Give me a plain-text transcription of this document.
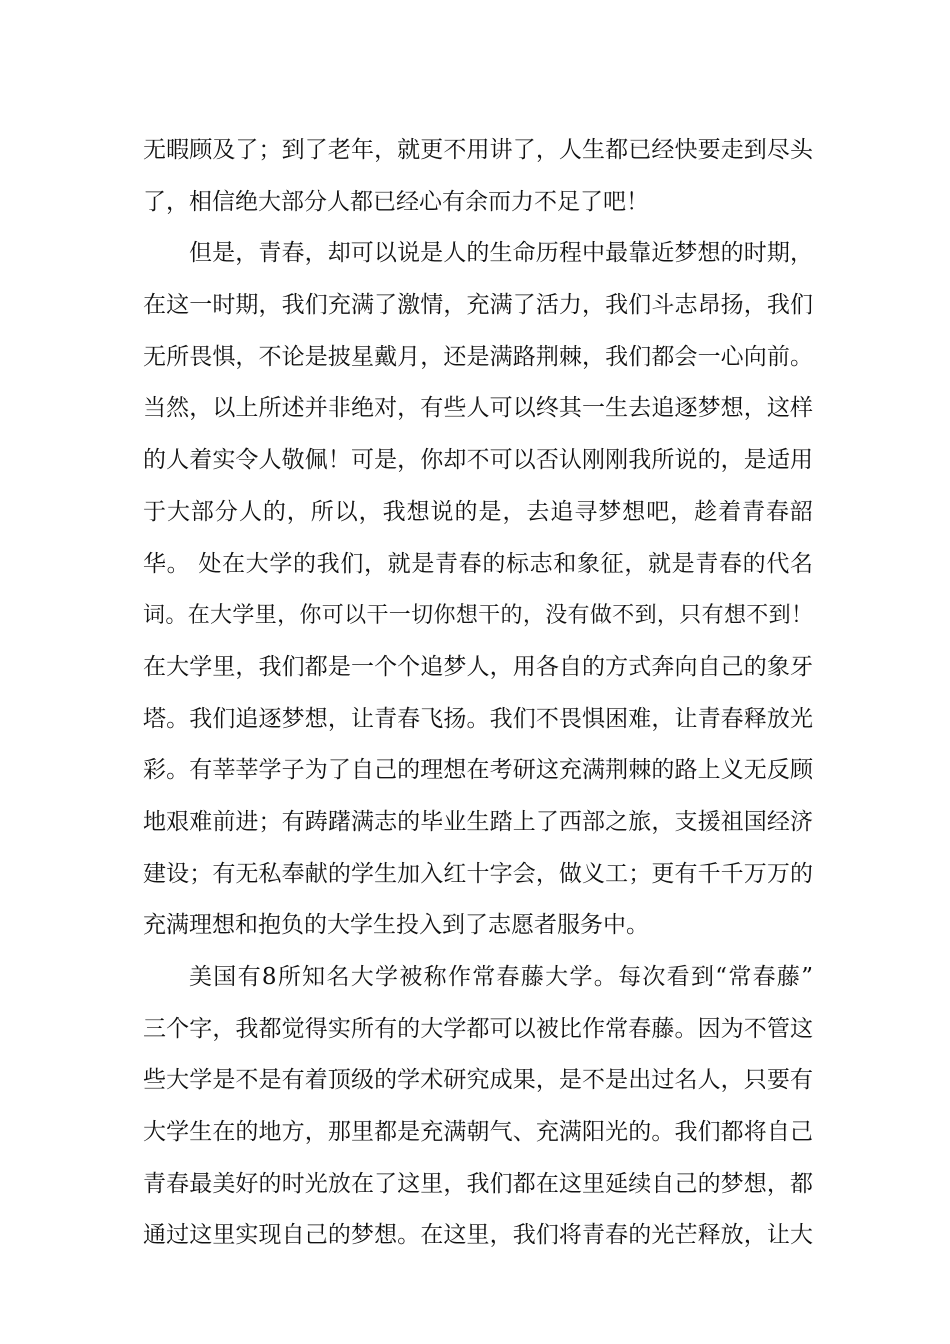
无暇顾及了；到了老年，就更不用讲了，人生都已经快要走到尽头
了，相信绝大部分人都已经心有余而力不足了吧！
但是，青春，却可以说是人的生命历程中最靠近梦想的时期，
在这一时期，我们充满了激情，充满了活力，我们斗志昂扬，我们
无所畏惧，不论是披星戴月，还是满路荆棘，我们都会一心向前。
当然，以上所述并非绝对，有些人可以终其一生去追逐梦想，这样
的人着实令人敬佩！可是，你却不可以否认刚刚我所说的，是适用
于大部分人的，所以，我想说的是，去追寻梦想吧，趁着青春韶
华。 处在大学的我们，就是青春的标志和象征，就是青春的代名
词。在大学里，你可以干一切你想干的，没有做不到，只有想不到！
在大学里，我们都是一个个追梦人，用各自的方式奔向自己的象牙
塔。我们追逐梦想，让青春飞扬。我们不畏惧困难，让青春释放光
彩。有莘莘学子为了自己的理想在考研这充满荆棘的路上义无反顾
地艰难前进；有踌躇满志的毕业生踏上了西部之旅，支援祖国经济
建设；有无私奉献的学生加入红十字会，做义工；更有千千万万的
充满理想和抱负的大学生投入到了志愿者服务中。
美国有8所知名大学被称作常春藤大学。每次看到“常春藤”
三个字，我都觉得实所有的大学都可以被比作常春藤。因为不管这
些大学是不是有着顶级的学术研究成果，是不是出过名人，只要有
大学生在的地方，那里都是充满朝气、充满阳光的。我们都将自己
青春最美好的时光放在了这里，我们都在这里延续自己的梦想，都
通过这里实现自己的梦想。在这里，我们将青春的光芒释放，让大
